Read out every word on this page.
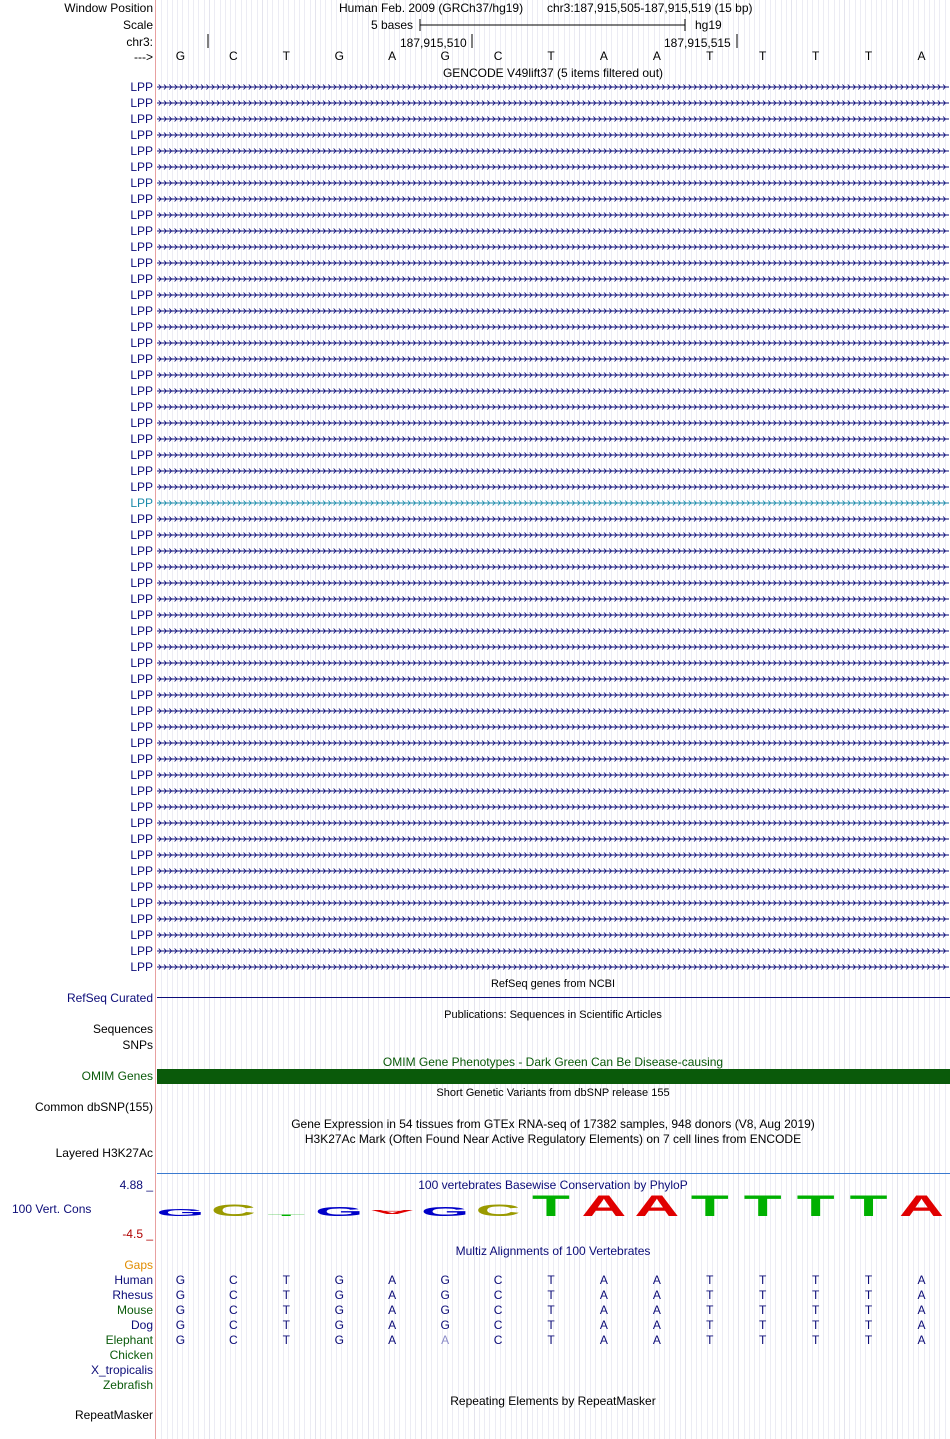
Window Position	Human Feb. 2009 (GRCh37/hg19) chr3:187,915,505-187,915,519 (15 bp)
Scale	5 bases	hg19
chr3:	187,915,510	187,915,515
--->	G	C	T	G	A	G	C	T	A	A	T	T	T	T	A
GENCODE V49lift37 (5 items filtered out)
LPP
LPP
LPP
LPP
LPP
LPP
LPP
LPP
LPP
LPP
LPP
LPP
LPP
LPP
LPP
LPP
LPP
LPP
LPP
LPP
LPP
LPP
LPP
LPP
LPP
LPP
LPP
LPP
LPP
LPP
LPP
LPP
LPP
LPP
LPP
LPP
LPP
LPP
LPP
LPP
LPP
LPP
LPP
LPP
LPP
LPP
LPP
LPP
LPP
LPP
LPP
LPP
LPP
LPP
LPP
LPP
RefSeq genes from NCBI
RefSeq Curated
Publications: Sequences in Scientific Articles
Sequences
SNPs
OMIM Gene Phenotypes - Dark Green Can Be Disease-causing
OMIM Genes
Short Genetic Variants from dbSNP release 155
Common dbSNP(155)
Gene Expression in 54 tissues from GTEx RNA-seq of 17382 samples, 948 donors (V8, Aug 2019)
H3K27Ac Mark (Often Found Near Active Regulatory Elements) on 7 cell lines from ENCODE
Layered H3K27Ac
100 vertebrates Basewise Conservation by PhyloP
4.88 _
100 Vert. Cons
-4.5 _
G C T G A G C T A A T T T T A
Multiz Alignments of 100 Vertebrates
Gaps
Human	G	C	T	G	A	G	C	T	A	A	T	T	T	T	A
Rhesus	G	C	T	G	A	G	C	T	A	A	T	T	T	T	A
Mouse	G	C	T	G	A	G	C	T	A	A	T	T	T	T	A
Dog	G	C	T	G	A	G	C	T	A	A	T	T	T	T	A
Elephant	G	C	T	G	A	A	C	T	A	A	T	T	T	T	A
Chicken
X_tropicalis
Zebrafish
Repeating Elements by RepeatMasker
RepeatMasker
